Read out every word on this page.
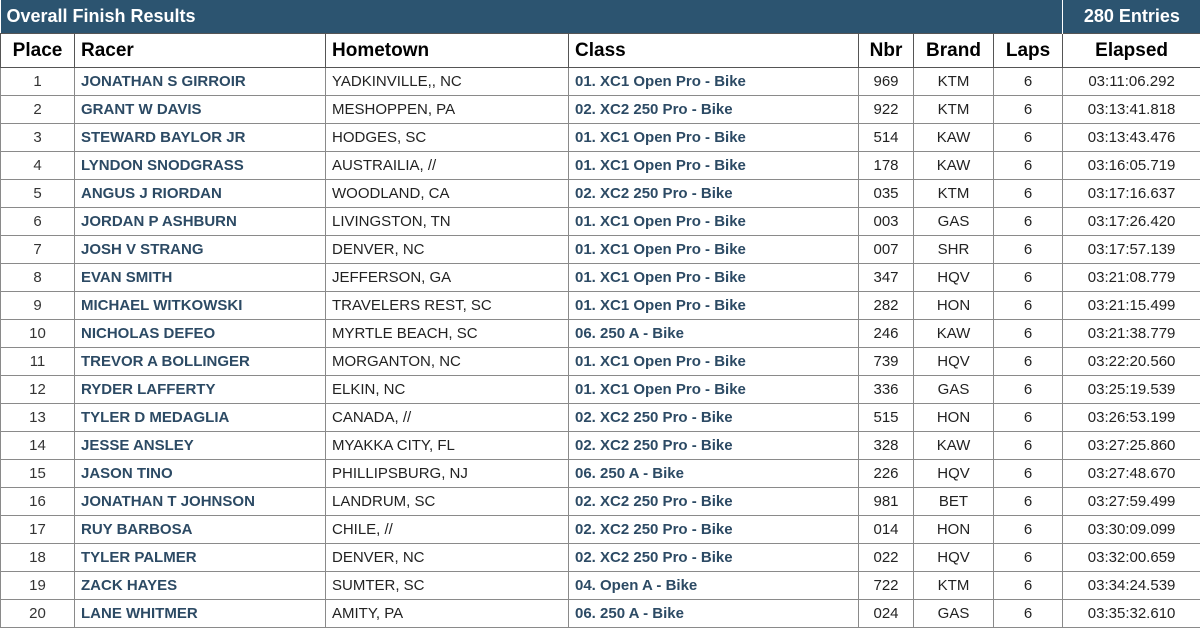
Overall Finish Results							280 Entries
Place	Racer	Hometown	Class	Nbr	Brand	Laps	Elapsed
1	JONATHAN S GIRROIR	YADKINVILLE,, NC	01. XC1 Open Pro - Bike	969	KTM	6	03:11:06.292
2	GRANT W DAVIS	MESHOPPEN, PA	02. XC2 250 Pro - Bike	922	KTM	6	03:13:41.818
3	STEWARD BAYLOR JR	HODGES, SC	01. XC1 Open Pro - Bike	514	KAW	6	03:13:43.476
4	LYNDON SNODGRASS	AUSTRAILIA, //	01. XC1 Open Pro - Bike	178	KAW	6	03:16:05.719
5	ANGUS J RIORDAN	WOODLAND, CA	02. XC2 250 Pro - Bike	035	KTM	6	03:17:16.637
6	JORDAN P ASHBURN	LIVINGSTON, TN	01. XC1 Open Pro - Bike	003	GAS	6	03:17:26.420
7	JOSH V STRANG	DENVER, NC	01. XC1 Open Pro - Bike	007	SHR	6	03:17:57.139
8	EVAN SMITH	JEFFERSON, GA	01. XC1 Open Pro - Bike	347	HQV	6	03:21:08.779
9	MICHAEL WITKOWSKI	TRAVELERS REST, SC	01. XC1 Open Pro - Bike	282	HON	6	03:21:15.499
10	NICHOLAS DEFEO	MYRTLE BEACH, SC	06. 250 A - Bike	246	KAW	6	03:21:38.779
11	TREVOR A BOLLINGER	MORGANTON, NC	01. XC1 Open Pro - Bike	739	HQV	6	03:22:20.560
12	RYDER LAFFERTY	ELKIN, NC	01. XC1 Open Pro - Bike	336	GAS	6	03:25:19.539
13	TYLER D MEDAGLIA	CANADA, //	02. XC2 250 Pro - Bike	515	HON	6	03:26:53.199
14	JESSE ANSLEY	MYAKKA CITY, FL	02. XC2 250 Pro - Bike	328	KAW	6	03:27:25.860
15	JASON TINO	PHILLIPSBURG, NJ	06. 250 A - Bike	226	HQV	6	03:27:48.670
16	JONATHAN T JOHNSON	LANDRUM, SC	02. XC2 250 Pro - Bike	981	BET	6	03:27:59.499
17	RUY BARBOSA	CHILE, //	02. XC2 250 Pro - Bike	014	HON	6	03:30:09.099
18	TYLER PALMER	DENVER, NC	02. XC2 250 Pro - Bike	022	HQV	6	03:32:00.659
19	ZACK HAYES	SUMTER, SC	04. Open A - Bike	722	KTM	6	03:34:24.539
20	LANE WHITMER	AMITY, PA	06. 250 A - Bike	024	GAS	6	03:35:32.610
